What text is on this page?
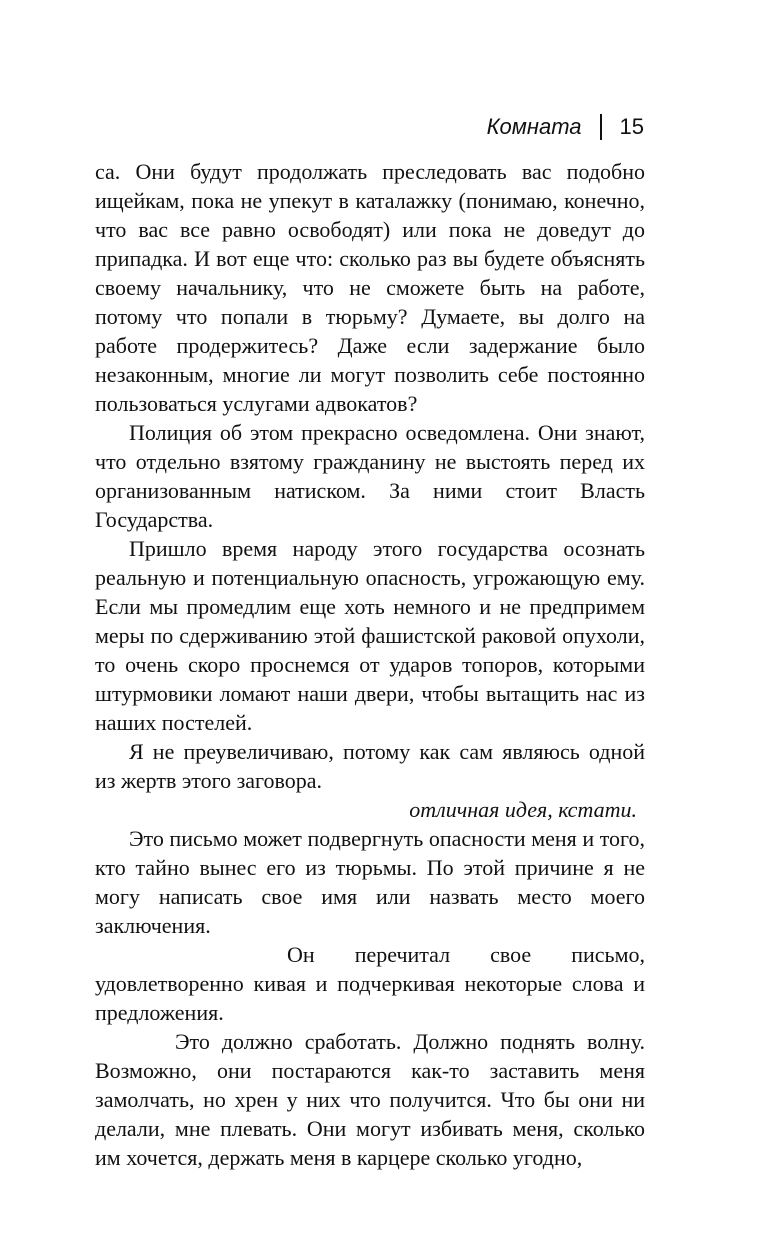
Комната 15

са. Они будут продолжать преследовать вас подобно ищейкам, пока не упекут в каталажку (понимаю, конечно, что вас все равно освободят) или пока не доведут до припадка. И вот еще что: сколько раз вы будете объяснять своему начальнику, что не сможете быть на работе, потому что попали в тюрьму? Думаете, вы долго на работе продержитесь? Даже если задержание было незаконным, многие ли могут позволить себе постоянно пользоваться услугами адвокатов?

Полиция об этом прекрасно осведомлена. Они знают, что отдельно взятому гражданину не выстоять перед их организованным натиском. За ними стоит Власть Государства.

Пришло время народу этого государства осознать реальную и потенциальную опасность, угрожающую ему. Если мы промедлим еще хоть немного и не предпримем меры по сдерживанию этой фашистской раковой опухоли, то очень скоро проснемся от ударов топоров, которыми штурмовики ломают наши двери, чтобы вытащить нас из наших постелей.

Я не преувеличиваю, потому как сам являюсь одной из жертв этого заговора.

отличная идея, кстати.

Это письмо может подвергнуть опасности меня и того, кто тайно вынес его из тюрьмы. По этой причине я не могу написать свое имя или назвать место моего заключения.

Он перечитал свое письмо, удовлетворенно кивая и подчеркивая некоторые слова и предложения.

Это должно сработать. Должно поднять волну. Возможно, они постараются как-то заставить меня замолчать, но хрен у них что получится. Что бы они ни делали, мне плевать. Они могут избивать меня, сколько им хочется, держать меня в карцере сколько угодно,
